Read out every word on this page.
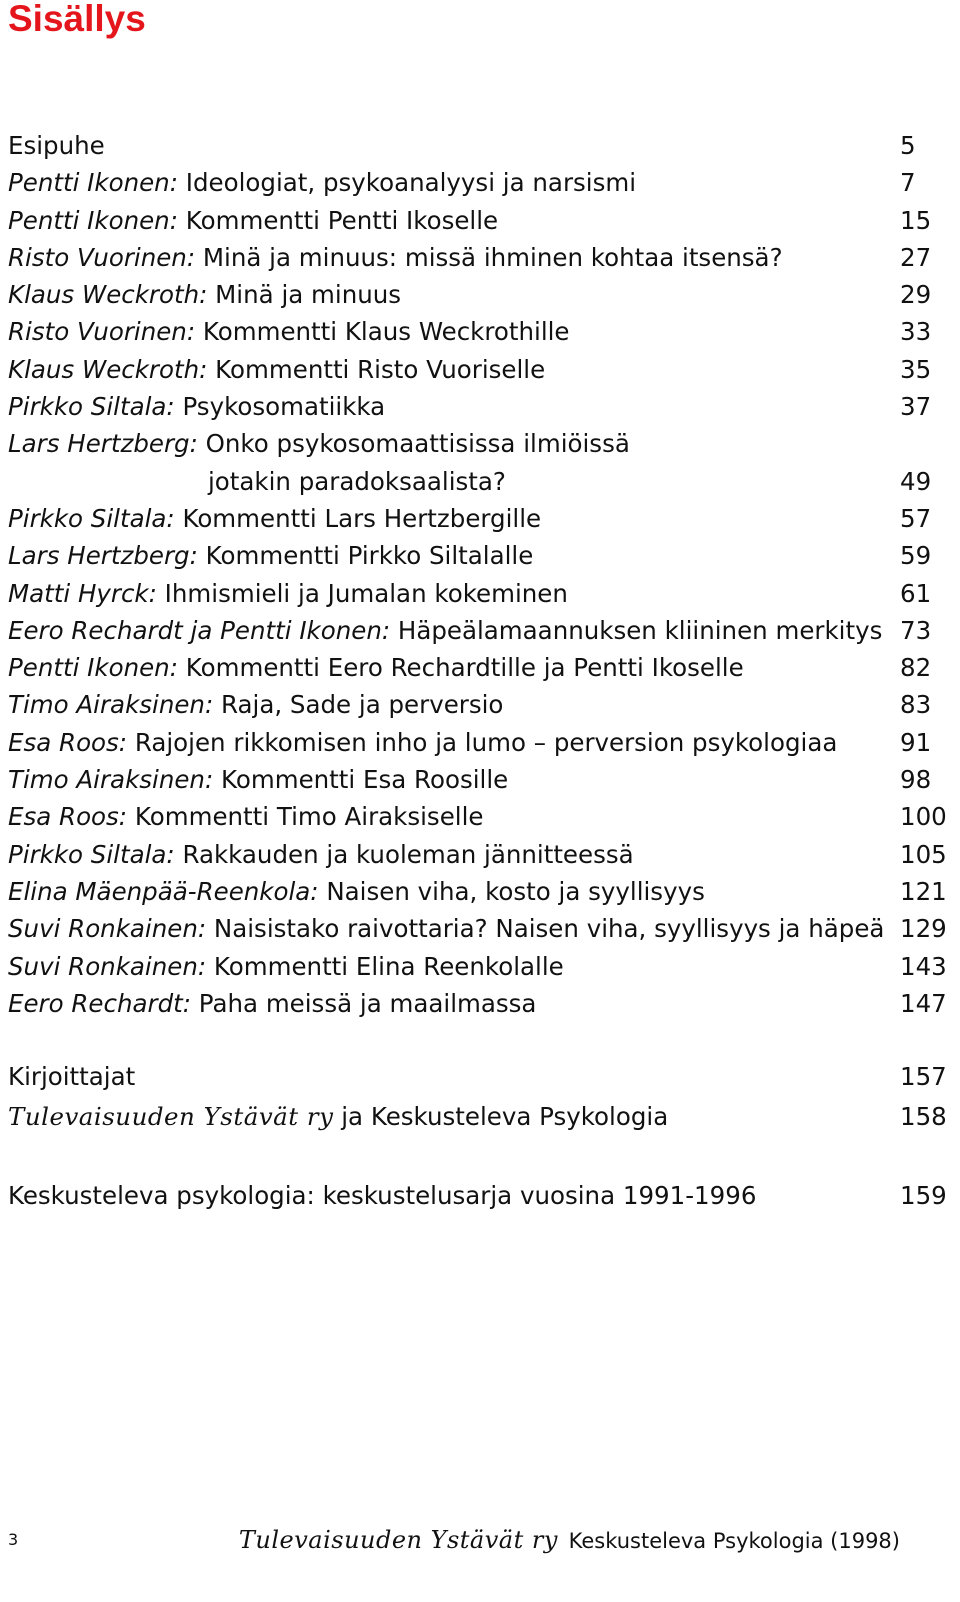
Sisällys
Esipuhe	5
Pentti Ikonen: Ideologiat, psykoanalyysi ja narsismi	7
Pentti Ikonen: Kommentti Pentti Ikoselle	15
Risto Vuorinen: Minä ja minuus: missä ihminen kohtaa itsensä?	27
Klaus Weckroth: Minä ja minuus	29
Risto Vuorinen: Kommentti Klaus Weckrothille	33
Klaus Weckroth: Kommentti Risto Vuoriselle	35
Pirkko Siltala: Psykosomatiikka	37
Lars Hertzberg: Onko psykosomaattisissa ilmiöissä
jotakin paradoksaalista?	49
Pirkko Siltala: Kommentti Lars Hertzbergille	57
Lars Hertzberg: Kommentti Pirkko Siltalalle	59
Matti Hyrck: Ihmismieli ja Jumalan kokeminen	61
Eero Rechardt ja Pentti Ikonen: Häpeälamaannuksen kliininen merkitys 73
Pentti Ikonen: Kommentti Eero Rechardtille ja Pentti Ikoselle	82
Timo Airaksinen: Raja, Sade ja perversio	83
Esa Roos: Rajojen rikkomisen inho ja lumo – perversion psykologiaa	91
Timo Airaksinen: Kommentti Esa Roosille	98
Esa Roos: Kommentti Timo Airaksiselle	100
Pirkko Siltala: Rakkauden ja kuoleman jännitteessä	105
Elina Mäenpää-Reenkola: Naisen viha, kosto ja syyllisyys	121
Suvi Ronkainen: Naisistako raivottaria? Naisen viha, syyllisyys ja häpeä 129
Suvi Ronkainen: Kommentti Elina Reenkolalle	143
Eero Rechardt: Paha meissä ja maailmassa	147
Kirjoittajat	157
Tulevaisuuden Ystävät ry ja Keskusteleva Psykologia	158
Keskusteleva psykologia: keskustelusarja vuosina 1991-1996	159
3	Tulevaisuuden Ystävät ry Keskusteleva Psykologia (1998)
